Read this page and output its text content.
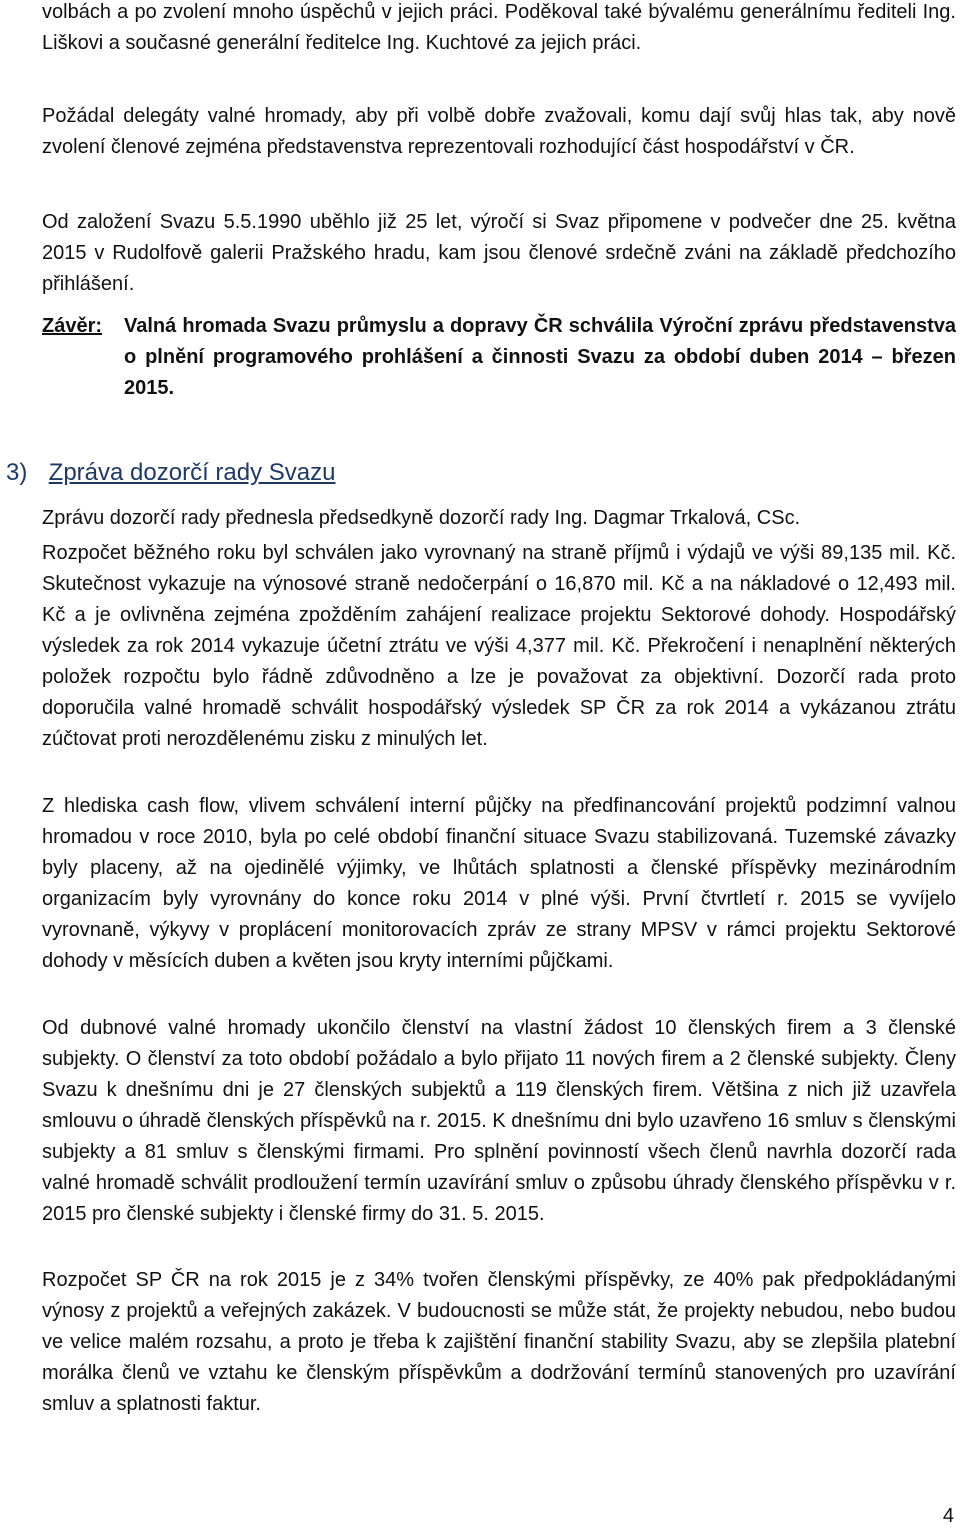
volbách a po zvolení mnoho úspěchů v jejich práci. Poděkoval také bývalému generálnímu řediteli Ing. Liškovi a současné generální ředitelce Ing. Kuchtové za jejich práci.

Požádal delegáty valné hromady, aby při volbě dobře zvažovali, komu dají svůj hlas tak, aby nově zvolení členové zejména představenstva reprezentovali rozhodující část hospodářství v ČR.

Od založení Svazu 5.5.1990 uběhlo již 25 let, výročí si Svaz připomene v podvečer dne 25. května 2015 v Rudolfově galerii Pražského hradu, kam jsou členové srdečně zváni na základě předchozího přihlášení.

Závěr: Valná hromada Svazu průmyslu a dopravy ČR schválila Výroční zprávu představenstva o plnění programového prohlášení a činnosti Svazu za období duben 2014 – březen 2015.
3) Zpráva dozorčí rady Svazu

Zprávu dozorčí rady přednesla předsedkyně dozorčí rady Ing. Dagmar Trkalová, CSc.

Rozpočet běžného roku byl schválen jako vyrovnaný na straně příjmů i výdajů ve výši 89,135 mil. Kč. Skutečnost vykazuje na výnosové straně nedočerpání o 16,870 mil. Kč a na nákladové o 12,493 mil. Kč a je ovlivněna zejména zpožděním zahájení realizace projektu Sektorové dohody. Hospodářský výsledek za rok 2014 vykazuje účetní ztrátu ve výši 4,377 mil. Kč. Překročení i nenaplnění některých položek rozpočtu bylo řádně zdůvodněno a lze je považovat za objektivní. Dozorčí rada proto doporučila valné hromadě schválit hospodářský výsledek SP ČR za rok 2014 a vykázanou ztrátu zúčtovat proti nerozdělenému zisku z minulých let.

Z hlediska cash flow, vlivem schválení interní půjčky na předfinancování projektů podzimní valnou hromadou v roce 2010, byla po celé období finanční situace Svazu stabilizovaná. Tuzemské závazky byly placeny, až na ojedinělé výjimky, ve lhůtách splatnosti a členské příspěvky mezinárodním organizacím byly vyrovnány do konce roku 2014 v plné výši. První čtvrtletí r. 2015 se vyvíjelo vyrovnaně, výkyvy v proplácení monitorovacích zpráv ze strany MPSV v rámci projektu Sektorové dohody v měsících duben a květen jsou kryty interními půjčkami.

Od dubnové valné hromady ukončilo členství na vlastní žádost 10 členských firem a 3 členské subjekty. O členství za toto období požádalo a bylo přijato 11 nových firem a 2 členské subjekty. Členy Svazu k dnešnímu dni je 27 členských subjektů a 119 členských firem. Většina z nich již uzavřela smlouvu o úhradě členských příspěvků na r. 2015. K dnešnímu dni bylo uzavřeno 16 smluv s členskými subjekty a 81 smluv s členskými firmami. Pro splnění povinností všech členů navrhla dozorčí rada valné hromadě schválit prodloužení termín uzavírání smluv o způsobu úhrady členského příspěvku v r. 2015 pro členské subjekty i členské firmy do 31. 5. 2015.

Rozpočet SP ČR na rok 2015 je z 34% tvořen členskými příspěvky, ze 40% pak předpokládanými výnosy z projektů a veřejných zakázek. V budoucnosti se může stát, že projekty nebudou, nebo budou ve velice malém rozsahu, a proto je třeba k zajištění finanční stability Svazu, aby se zlepšila platební morálka členů ve vztahu ke členským příspěvkům a dodržování termínů stanovených pro uzavírání smluv a splatnosti faktur.

4
